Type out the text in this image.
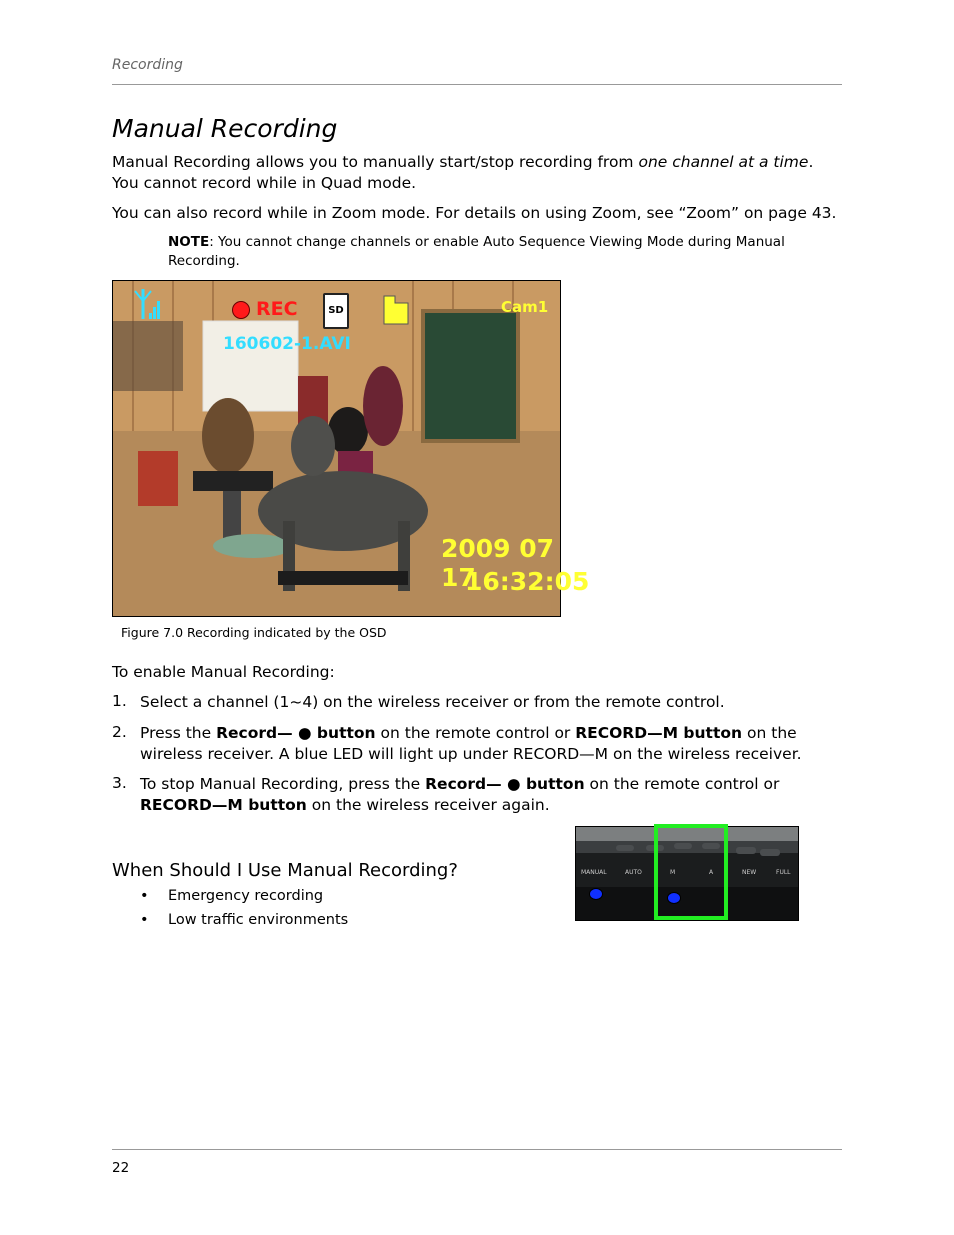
Recording
Manual Recording
Manual Recording allows you to manually start/stop recording from one channel at a time. You cannot record while in Quad mode.
You can also record while in Zoom mode. For details on using Zoom, see “Zoom” on page 43.
NOTE: You cannot change channels or enable Auto Sequence Viewing Mode during Manual Recording.
REC	SD	Cam1
160602-1.AVI
2009 07 17
16:32:05
Figure 7.0 Recording indicated by the OSD
To enable Manual Recording:
1. Select a channel (1~4) on the wireless receiver or from the remote control.
2. Press the Record— ● button on the remote control or RECORD—M button on the wireless receiver. A blue LED will light up under RECORD—M on the wireless receiver.
3. To stop Manual Recording, press the Record— ● button on the remote control or RECORD—M button on the wireless receiver again.
MANUAL	AUTO	M	A	NEW	FULL
When Should I Use Manual Recording?
• Emergency recording
• Low traffic environments
22
